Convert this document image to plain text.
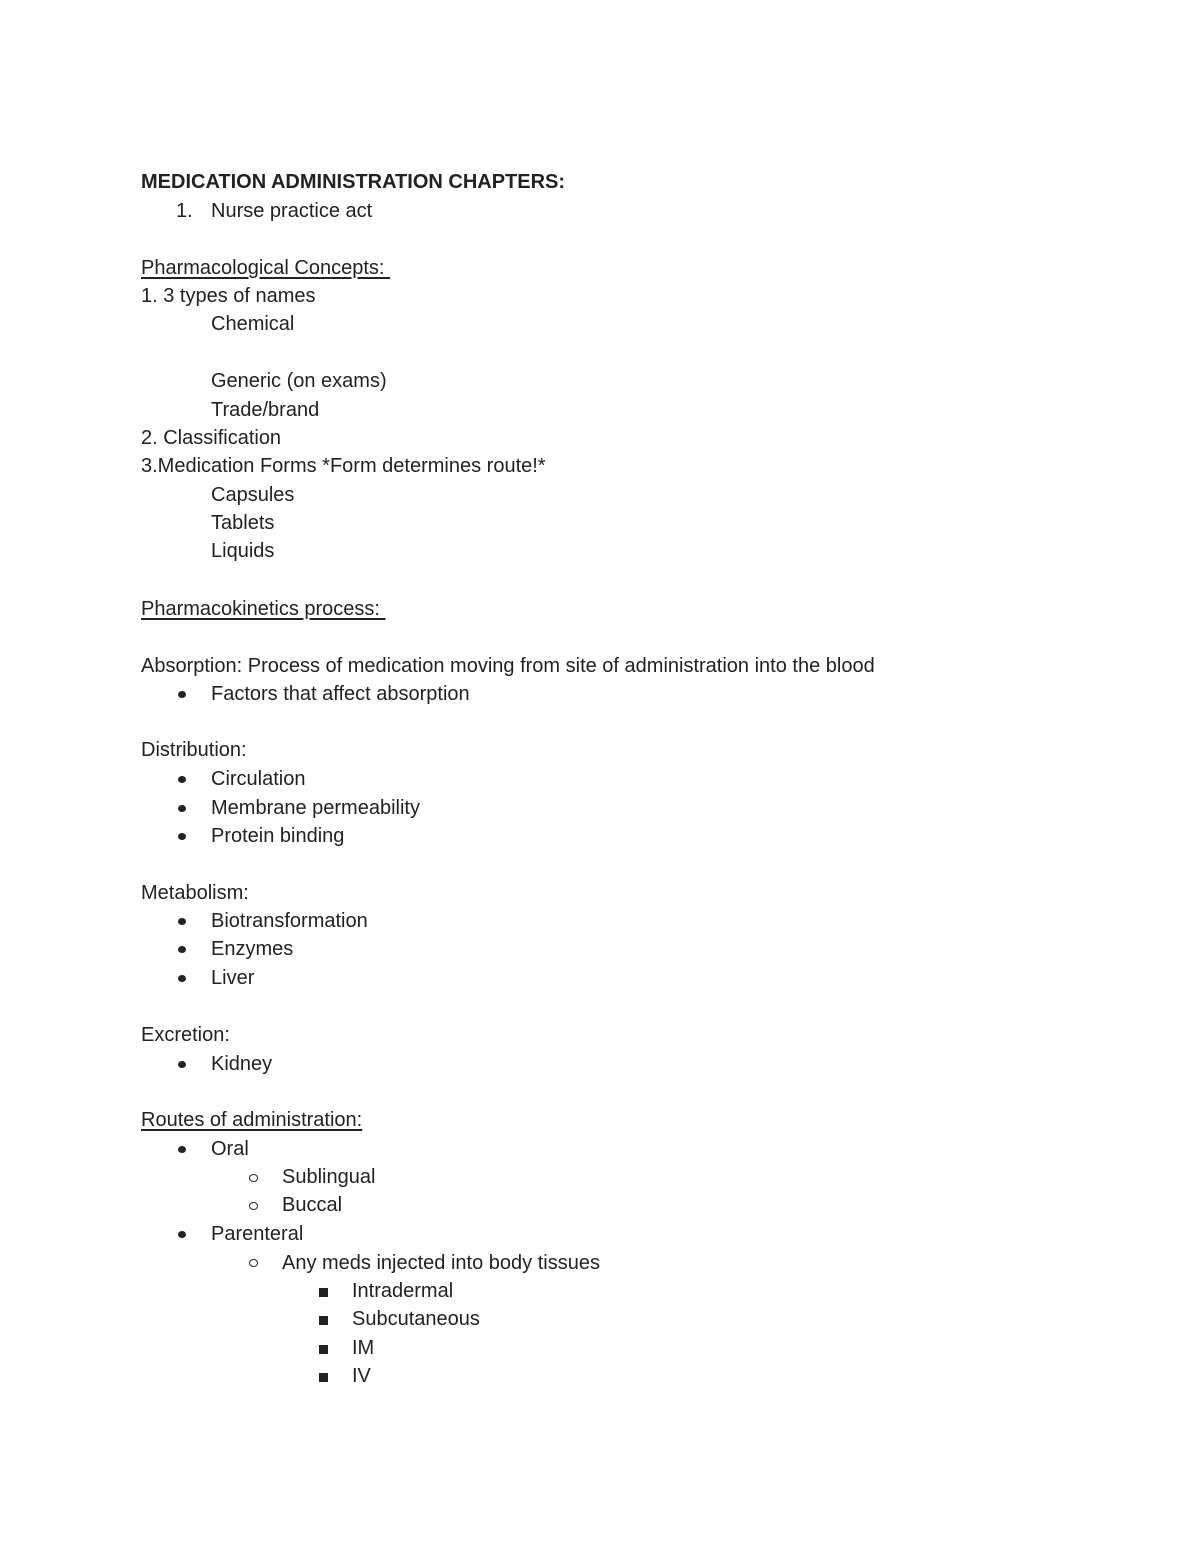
MEDICATION ADMINISTRATION CHAPTERS:

1. Nurse practice act

Pharmacological Concepts:

1. 3 types of names

Chemical

Generic (on exams)

Trade/brand

2. Classification

3.Medication Forms *Form determines route!*

Capsules

Tablets

Liquids

Pharmacokinetics process:

Absorption: Process of medication moving from site of administration into the blood

Factors that affect absorption

Distribution:

Circulation

Membrane permeability

Protein binding

Metabolism:

Biotransformation

Enzymes

Liver

Excretion:

Kidney

Routes of administration:

Oral

Sublingual

Buccal

Parenteral

Any meds injected into body tissues

Intradermal

Subcutaneous

IM

IV
